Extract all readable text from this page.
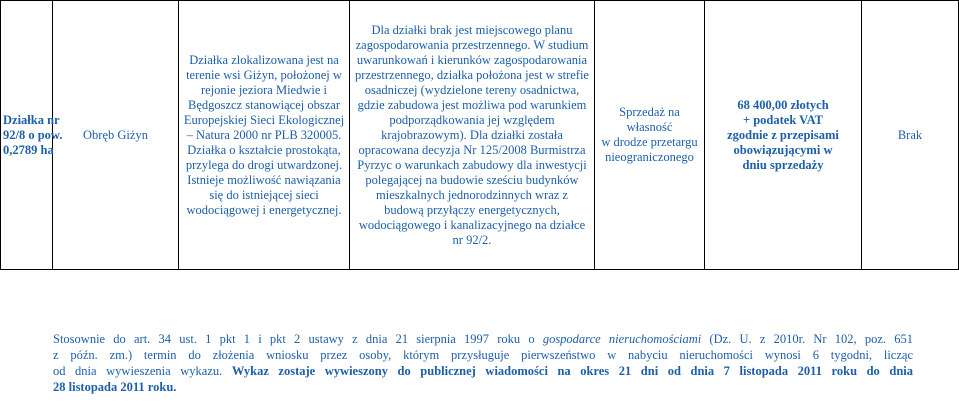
Działka nr
92/8 o pow.
0,2789 ha

Obręb Giżyn

Działka zlokalizowana jest na
terenie wsi Giżyn, położonej w
rejonie jeziora Miedwie i
Będgoszcz stanowiącej obszar
Europejskiej Sieci Ekologicznej
– Natura 2000 nr PLB 320005.
Działka o kształcie prostokąta,
przylega do drogi utwardzonej.
Istnieje możliwość nawiązania
się do istniejącej sieci
wodociągowej i energetycznej.

Dla działki brak jest miejscowego planu
zagospodarowania przestrzennego. W studium
uwarunkowań i kierunków zagospodarowania
przestrzennego, działka położona jest w strefie
osadniczej (wydzielone tereny osadnictwa,
gdzie zabudowa jest możliwa pod warunkiem
podporządkowania jej względem
krajobrazowym). Dla działki została
opracowana decyzja Nr 125/2008 Burmistrza
Pyrzyc o warunkach zabudowy dla inwestycji
polegającej na budowie sześciu budynków
mieszkalnych jednorodzinnych wraz z
budową przyłączy energetycznych,
wodociągowego i kanalizacyjnego na działce
nr 92/2.

Sprzedaż na
własność
w drodze przetargu
nieograniczonego

68 400,00 złotych
+ podatek VAT
zgodnie z przepisami
obowiązującymi w
dniu sprzedaży

Brak
Stosownie do art. 34 ust. 1 pkt 1 i pkt 2 ustawy z dnia 21 sierpnia 1997 roku o gospodarce nieruchomościami (Dz. U. z 2010r. Nr 102, poz. 651
z późn. zm.) termin do złożenia wniosku przez osoby, którym przysługuje pierwszeństwo w nabyciu nieruchomości wynosi 6 tygodni, licząc
od dnia wywieszenia wykazu. Wykaz zostaje wywieszony do publicznej wiadomości na okres 21 dni od dnia 7 listopada 2011 roku do dnia
28 listopada 2011 roku.
